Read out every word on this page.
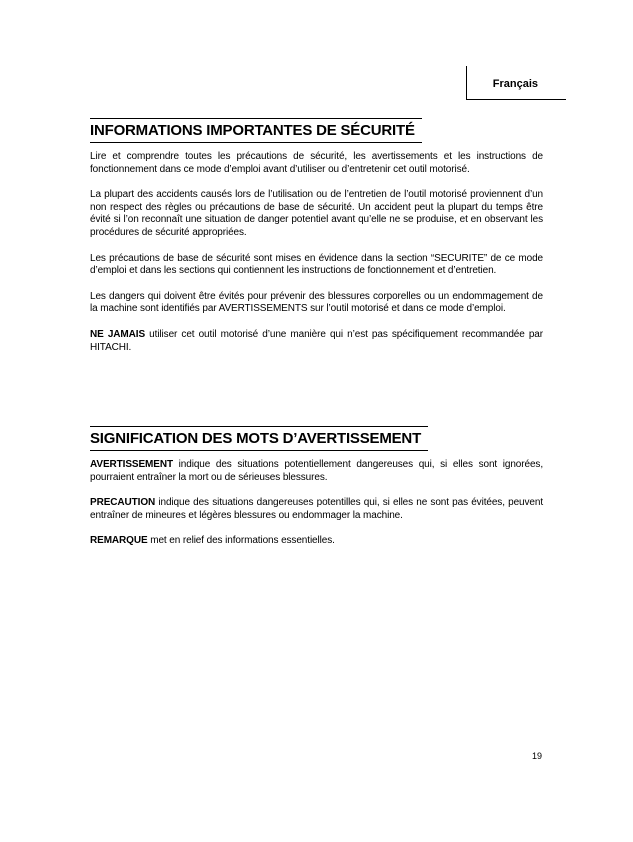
Français
INFORMATIONS IMPORTANTES DE SÉCURITÉ

Lire et comprendre toutes les précautions de sécurité, les avertissements et les instructions de fonctionnement dans ce mode d’emploi avant d’utiliser ou d’entretenir cet outil motorisé.

La plupart des accidents causés lors de l’utilisation ou de l’entretien de l’outil motorisé proviennent d’un non respect des règles ou précautions de base de sécurité. Un accident peut la plupart du temps être évité si l’on reconnaît une situation de danger potentiel avant qu’elle ne se produise, et en observant les procédures de sécurité appropriées.

Les précautions de base de sécurité sont mises en évidence dans la section “SECURITE” de ce mode d’emploi et dans les sections qui contiennent les instructions de fonctionnement et d’entretien.

Les dangers qui doivent être évités pour prévenir des blessures corporelles ou un endommagement de la machine sont identifiés par AVERTISSEMENTS sur l’outil motorisé et dans ce mode d’emploi.

NE JAMAIS utiliser cet outil motorisé d’une manière qui n’est pas spécifiquement recommandée par HITACHI.

SIGNIFICATION DES MOTS D’AVERTISSEMENT

AVERTISSEMENT indique des situations potentiellement dangereuses qui, si elles sont ignorées, pourraient entraîner la mort ou de sérieuses blessures.

PRECAUTION indique des situations dangereuses potentilles qui, si elles ne sont pas évitées, peuvent entraîner de mineures et légères blessures ou endommager la machine.

REMARQUE met en relief des informations essentielles.

19
